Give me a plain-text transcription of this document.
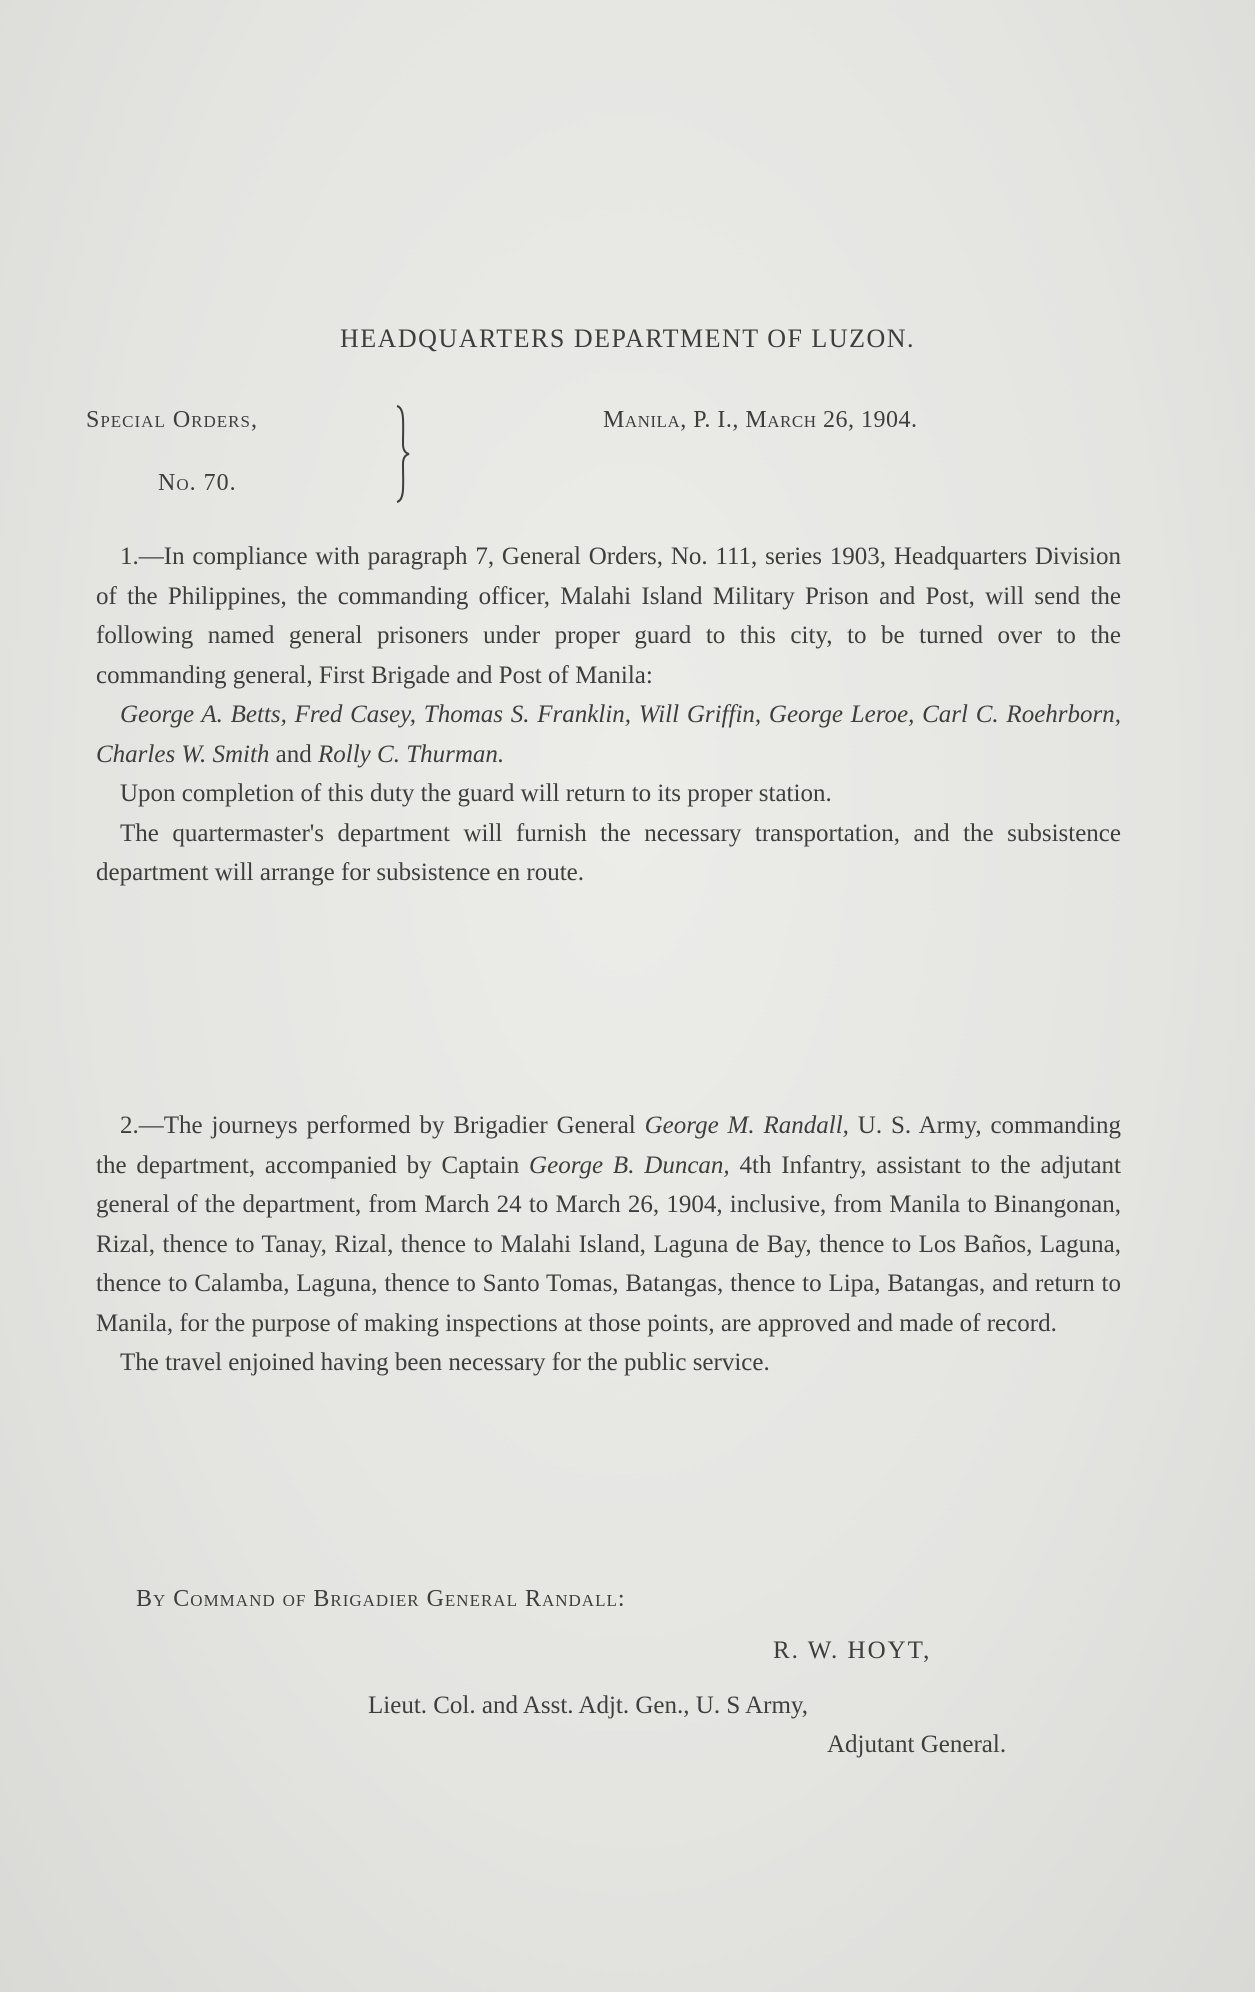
HEADQUARTERS DEPARTMENT OF LUZON.
Special Orders,
No. 70.
Manila, P. I., March 26, 1904.

1.—In compliance with paragraph 7, General Orders, No. 111, series 1903, Headquarters Division of the Philippines, the commanding officer, Malahi Island Military Prison and Post, will send the following named general prisoners under proper guard to this city, to be turned over to the commanding general, First Brigade and Post of Manila:

George A. Betts, Fred Casey, Thomas S. Franklin, Will Griffin, George Leroe, Carl C. Roehrborn, Charles W. Smith and Rolly C. Thurman.

Upon completion of this duty the guard will return to its proper station.

The quartermaster's department will furnish the necessary transportation, and the subsistence department will arrange for subsistence en route.

2.—The journeys performed by Brigadier General George M. Randall, U. S. Army, commanding the department, accompanied by Captain George B. Duncan, 4th Infantry, assistant to the adjutant general of the department, from March 24 to March 26, 1904, inclusive, from Manila to Binangonan, Rizal, thence to Tanay, Rizal, thence to Malahi Island, Laguna de Bay, thence to Los Baños, Laguna, thence to Calamba, Laguna, thence to Santo Tomas, Batangas, thence to Lipa, Batangas, and return to Manila, for the purpose of making inspections at those points, are approved and made of record.

The travel enjoined having been necessary for the public service.

By Command of Brigadier General Randall:
R. W. HOYT,
Lieut. Col. and Asst. Adjt. Gen., U. S Army,
Adjutant General.
